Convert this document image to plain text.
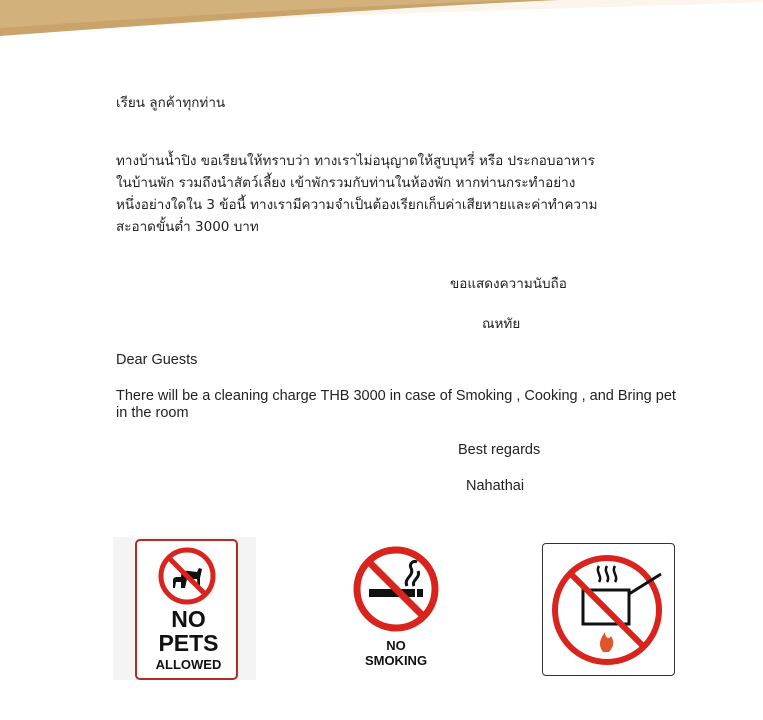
เรียน ลูกค้าทุกท่าน
ทางบ้านน้ำปิง ขอเรียนให้ทราบว่า ทางเราไม่อนุญาตให้สูบบุหรี่ หรือ ประกอบอาหาร
ในบ้านพัก รวมถึงนำสัตว์เลี้ยง เข้าพักรวมกับท่านในห้องพัก หากท่านกระทำอย่าง
หนึ่งอย่างใดใน 3 ข้อนี้ ทางเรามีความจำเป็นต้องเรียกเก็บค่าเสียหายและค่าทำความ
สะอาดขั้นต่ำ 3000 บาท
ขอแสดงความนับถือ
ณหทัย
Dear Guests
There will be a cleaning charge THB 3000 in case of Smoking , Cooking , and Bring pet in the room
Best regards
Nahathai
NO
PETS
ALLOWED
NO
SMOKING
